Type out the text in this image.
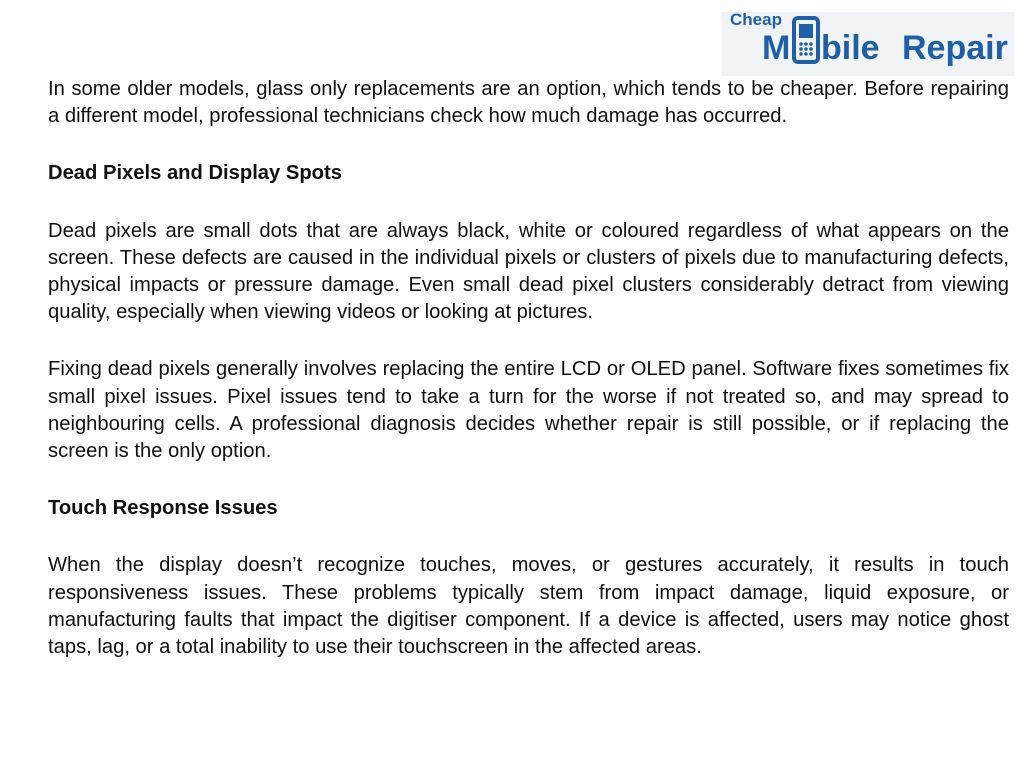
Cheap
M bile Repair

In some older models, glass only replacements are an option, which tends to be cheaper. Before repairing a different model, professional technicians check how much damage has occurred.

Dead Pixels and Display Spots

Dead pixels are small dots that are always black, white or coloured regardless of what appears on the screen. These defects are caused in the individual pixels or clusters of pixels due to manufacturing defects, physical impacts or pressure damage. Even small dead pixel clusters considerably detract from viewing quality, especially when viewing videos or looking at pictures.

Fixing dead pixels generally involves replacing the entire LCD or OLED panel. Software fixes sometimes fix small pixel issues. Pixel issues tend to take a turn for the worse if not treated so, and may spread to neighbouring cells. A professional diagnosis decides whether repair is still possible, or if replacing the screen is the only option.

Touch Response Issues

When the display doesn’t recognize touches, moves, or gestures accurately, it results in touch responsiveness issues. These problems typically stem from impact damage, liquid exposure, or manufacturing faults that impact the digitiser component. If a device is affected, users may notice ghost taps, lag, or a total inability to use their touchscreen in the affected areas.
